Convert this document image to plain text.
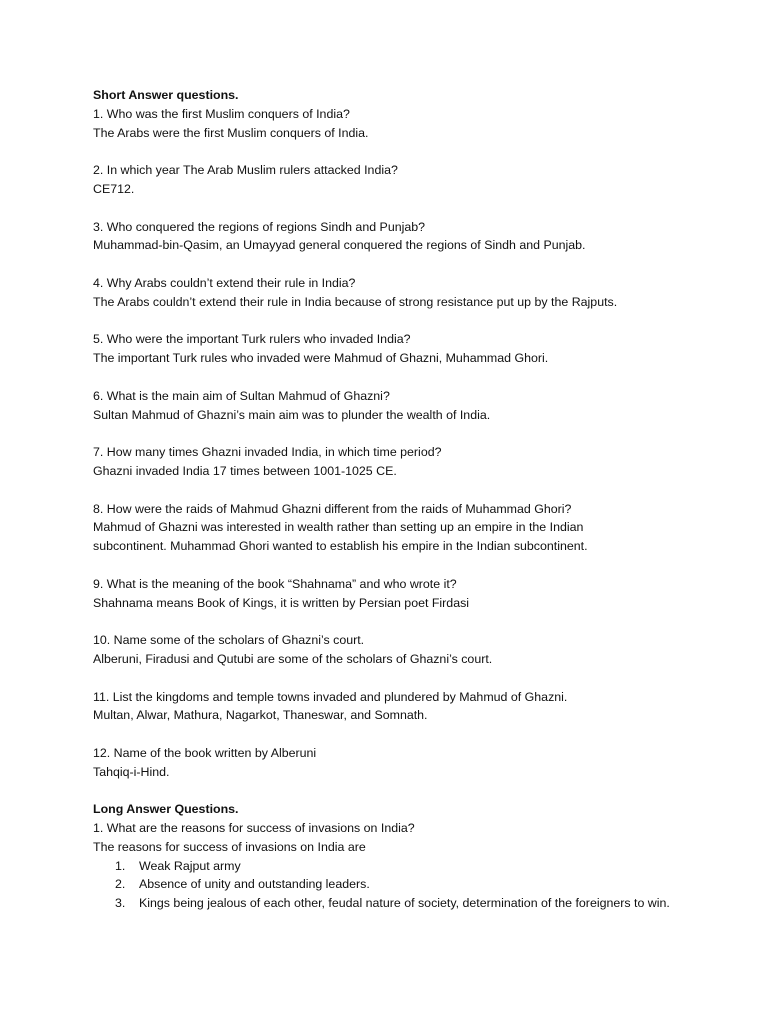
Short Answer questions.
1. Who was the first Muslim conquers of India?
The Arabs were the first Muslim conquers of India.
2. In which year The Arab Muslim rulers attacked India?
CE712.
3. Who conquered the regions of regions Sindh and Punjab?
Muhammad-bin-Qasim, an Umayyad general conquered the regions of Sindh and Punjab.
4. Why Arabs couldn’t extend their rule in India?
The Arabs couldn’t extend their rule in India because of strong resistance put up by the Rajputs.
5. Who were the important Turk rulers who invaded India?
The important Turk rules who invaded were Mahmud of Ghazni, Muhammad Ghori.
6. What is the main aim of Sultan Mahmud of Ghazni?
Sultan Mahmud of Ghazni’s main aim was to plunder the wealth of India.
7. How many times Ghazni invaded India, in which time period?
Ghazni invaded India 17 times between 1001-1025 CE.
8. How were the raids of Mahmud Ghazni different from the raids of Muhammad Ghori?
Mahmud of Ghazni was interested in wealth rather than setting up an empire in the Indian
subcontinent. Muhammad Ghori wanted to establish his empire in the Indian subcontinent.
9. What is the meaning of the book “Shahnama” and who wrote it?
Shahnama means Book of Kings, it is written by Persian poet Firdasi
10. Name some of the scholars of Ghazni’s court.
Alberuni, Firadusi and Qutubi are some of the scholars of Ghazni’s court.
11. List the kingdoms and temple towns invaded and plundered by Mahmud of Ghazni.
Multan, Alwar, Mathura, Nagarkot, Thaneswar, and Somnath.
12. Name of the book written by Alberuni
Tahqiq-i-Hind.
Long Answer Questions.
1. What are the reasons for success of invasions on India?
The reasons for success of invasions on India are
1. Weak Rajput army
2. Absence of unity and outstanding leaders.
3. Kings being jealous of each other, feudal nature of society, determination of the foreigners to win.
